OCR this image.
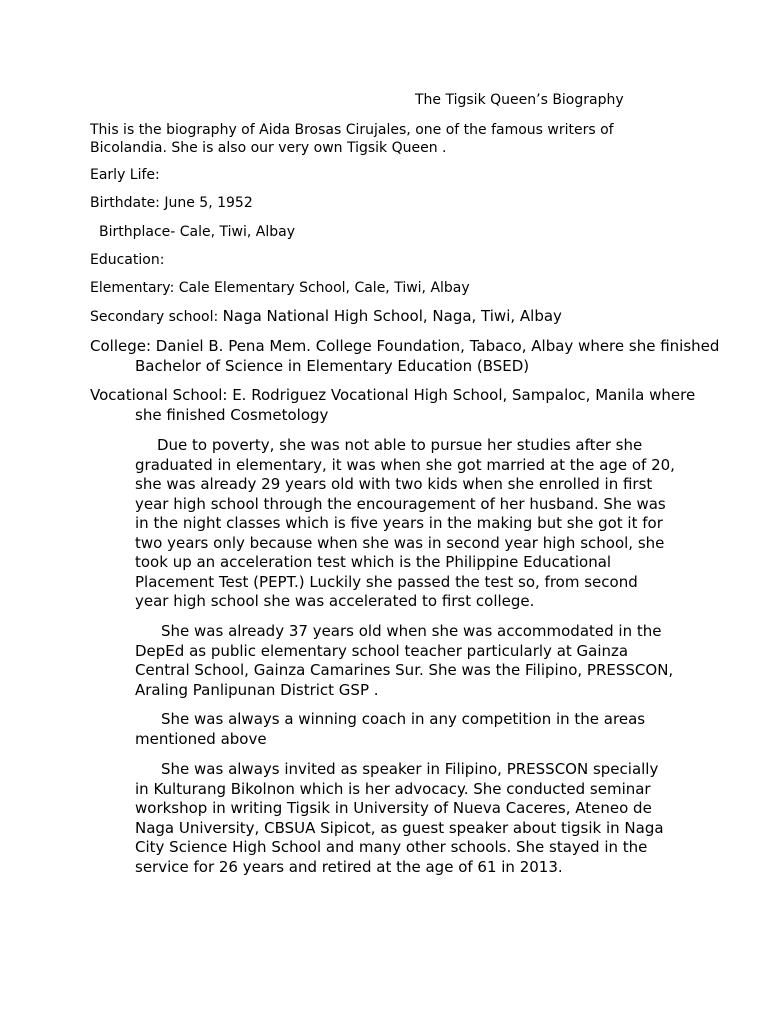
The Tigsik Queen’s Biography
This is the biography of Aida Brosas Cirujales, one of the famous writers of Bicolandia. She is also our very own Tigsik Queen .
Early Life:
Birthdate: June 5, 1952
Birthplace- Cale, Tiwi, Albay
Education:
Elementary: Cale Elementary School, Cale, Tiwi, Albay
Secondary school: Naga National High School, Naga, Tiwi, Albay
College: Daniel B. Pena Mem. College Foundation, Tabaco, Albay where she finished Bachelor of Science in Elementary Education (BSED)
Vocational School: E. Rodriguez Vocational High School, Sampaloc, Manila where she finished Cosmetology
Due to poverty, she was not able to pursue her studies after she graduated in elementary, it was when she got married at the age of 20, she was already 29 years old with two kids when she enrolled in first year high school through the encouragement of her husband. She was in the night classes which is five years in the making but she got it for two years only because when she was in second year high school, she took up an acceleration test which is the Philippine Educational Placement Test (PEPT.) Luckily she passed the test so, from second year high school she was accelerated to first college.
She was already 37 years old when she was accommodated in the DepEd as public elementary school teacher particularly at Gainza Central School, Gainza Camarines Sur. She was the Filipino, PRESSCON, Araling Panlipunan District GSP .
She was always a winning coach in any competition in the areas mentioned above
She was always invited as speaker in Filipino, PRESSCON specially in Kulturang Bikolnon which is her advocacy. She conducted seminar workshop in writing Tigsik in University of Nueva Caceres, Ateneo de Naga University, CBSUA Sipicot, as guest speaker about tigsik in Naga City Science High School and many other schools. She stayed in the service for 26 years and retired at the age of 61 in 2013.
